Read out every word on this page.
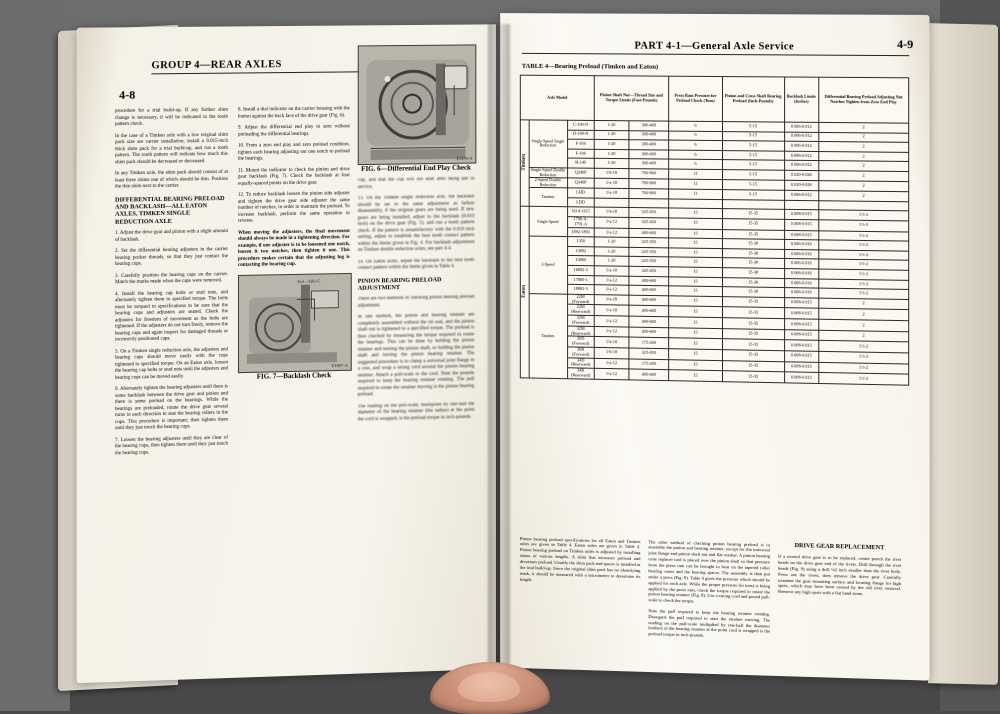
GROUP 4—REAR AXLES
4-8

procedure for a trial build-up. If any further shim change is necessary, it will be indicated in the tooth pattern check.

In the case of a Timken axle with a low original shim pack size are carrier installation, install a 0.015-inch thick shim pack for a trial build-up, and run a tooth pattern. The tooth pattern will indicate how much this shim pack should be decreased or decreased.

In any Timken axle, the shim pack should consist of at least three shims one of which should be thin. Position the thin shim next to the carrier.

DIFFERENTIAL BEARING PRELOAD AND BACKLASH—ALL EATON AXLES, TIMKEN SINGLE REDUCTION AXLE

1. Adjust the drive gear and pinion with a slight amount of backlash.

2. Set the differential bearing adjusters in the carrier bearing pocket threads, so that they just contact the bearing cups.

3. Carefully position the bearing caps on the carrier. Match the marks made when the caps were removed.

4. Install the bearing cap bolts or stud nuts, and alternately tighten them to specified torque. The bolts must be torqued to specifications to be sure that the bearing cups and adjusters are seated. Check the adjusters for freedom of movement as the bolts are tightened. If the adjusters do not turn freely, remove the bearing caps and again inspect for damaged threads or incorrectly positioned caps.

5. On a Timken single reduction axle, the adjusters and bearing caps should move easily with the cups tightened to specified torque. On an Eaton axle, loosen the bearing cap bolts or stud nuts until the adjusters and bearing cups can be moved easily.

6. Alternately tighten the bearing adjusters until there is some backlash between the drive gear and pinion and there is some preload on the bearings. While the bearings are preloaded, rotate the drive gear several turns in each direction to seat the bearing rollers in the cups. This procedure is important; then tighten them until they just touch the bearing cups.

7. Loosen the bearing adjusters until they are clear of the bearing cups, then tighten them until they just touch the bearing cups.

8. Install a dial indicator on the carrier housing with the button against the back face of the drive gear (Fig. 6).

9. Adjust the differential end play to zero without preloading the differential bearings.

10. From a zero end play and zero preload condition, tighten each bearing adjusting nut one notch to preload the bearings.

11. Mount the indicator to check the pinion and drive gear backlash (Fig. 7). Check the backlash at four equally-spaced points on the drive gear.

12. To reduce backlash loosen the pinion side adjuster and tighten the drive gear side adjuster the same number of notches, in order to maintain the preload. To increase backlash, perform the same operation in reverse.

When moving the adjusters, the final movement should always be made in a tightening direction. For example, if one adjuster is to be loosened one notch, loosen it two notches, then tighten it one. This procedure makes certain that the adjusting lug is contacting the bearing cup.

E1007-A
Tool—4201-C
FIG. 7—Backlash Check
E1294-A
FIG. 6—Differential End Play Check

cup, and that the cup will not shift after being put in service.

13. On the Timken single reduction axle, the backlash should be set to the same adjustment as before disassembly, if the original gears are being used. If new gears are being installed, adjust to the backlash (0.010 inch) on the drive gear (Fig. 5), and run a tooth pattern check. If the pattern is unsatisfactory with the 0.010 inch setting, adjust to establish the best tooth contact pattern within the limits given in Fig. 4. For backlash adjustment on Timken double reduction axles, see part 4-4.

14. On Eaton axles, adjust the backlash to the best tooth contact pattern within the limits given in Table 4.

PINION BEARING PRELOAD ADJUSTMENT

There are two methods of checking pinion bearing preload adjustment.

In one method, the pinion and bearing retainer are completely assembled without the oil seal, and the pinion shaft nut is tightened to a specified torque. The preload is then checked by measuring the torque required to rotate the bearings. This can be done by holding the pinion retainer and turning the pinion shaft, or holding the pinion shaft and turning the pinion bearing retainer. The suggested procedure is to clamp a universal joint flange in a vise, and wrap a strong cord around the pinion bearing retainer. Attach a pull-scale to the cord. Note the pounds required to keep the bearing retainer rotating. The pull required to rotate the retainer moving is the pinion bearing preload.

The reading on the pull-scale, multiplied by one-half the diameter of the bearing retainer (the radius) at the point the cord is wrapped, is the preload torque in inch-pounds.

PART 4-1—General Axle Service	4-9
TABLE 4—Bearing Preload (Timken and Eaton)
Axle Model			Pinion Shaft Nut—Thread Size and Torque Limits (Foot-Pounds)		Press Ram Pressure for Preload Check (Tons)	Pinion and Cross Shaft Bearing Preload (Inch-Pounds)	Backlash Limits (Inches)	Differential Bearing Preload Adjusting Nut Notches Tighten from Zero End Play
Timken	Single-Speed Single Reduction	C-100-N	1-20	300-400	6	5-15	0.006-0.012	2
		D-100-N	1-20	300-400	6	5-15	0.006-0.012	2
		F-104	1-20	300-400	6	5-15	0.006-0.012	2
		F-106	1-20	300-400	6	5-15	0.006-0.012	2
		H-140	1-20	300-400	6	5-15	0.006-0.012	2
	Single-Speed Double Reduction	Q246P	1⅜-18	700-900	11	5-15	0.020-0.026	2
	2-Speed Double Reduction	Q346P	1¼-18	700-900	11	5-15	0.020-0.026	2
	Tandem	LHD	1¼-18	700-900	11	5-15	0.006-0.012	2
		LDD						
Eaton	Single Speed	1614-1615	1⅜-18	325-450	15	15-35	0.008-0.015	1½-2
		1790-A-1791-A	1¼-12	325-450	15	15-35	0.008-0.015	1½-2
		1892-1893	1¼-12	400-600	15	15-35	0.008-0.015	1½-2
	2-Speed	1350	1-20	225-350	15	15-30	0.006-0.016	1½-2
		13802	1-20	225-350	15	15-30	0.006-0.016	1½-2
		13800	1-20	225-350	15	15-30	0.006-0.016	1½-2
		16802-3	1¼-18	325-450	15	15-30	0.006-0.016	1½-2
		17800-1	1¼-12	400-600	15	15-30	0.006-0.016	1½-2
		18802-3	1¼-12	400-600	15	15-30	0.006-0.016	1½-2
	Tandem	22M (Forward)	1¼-18	400-600	15	15-35	0.008-0.015	2
		22M (Rearward)	1¼-18	400-600	15	15-35	0.008-0.015	2
		32M (Forward)	1¼-12	400-600	15	15-35	0.008-0.015	2
		32M (Rearward)	1¼-12	400-600	15	15-35	0.008-0.015	2
		30D (Forward)	1⅜-18	175-200	15	15-35	0.008-0.015	1½-2
		30R (Forward)	1⅜-18	325-450	15	15-35	0.008-0.015	1½-2
		34D (Rearward)	1¼-12	175-200	15	15-35	0.008-0.015	1½-2
		34R (Rearward)	1¼-12	400-600	15	15-35	0.008-0.015	1½-2

Pinion bearing preload specifications for all Eaton and Timken axles are given in Table 4. Eaton axles are given in Table 4. Pinion bearing preload on Timken axles is adjusted by installing shims of various lengths. A shim that increases preload and decreases preload. Usually the shim pack and spacer is installed at the trial build-up. Since the original shim pack has no identifying mark, it should be measured with a micrometer to determine its length.

The other method of checking pinion bearing preload is to assemble the pinion and bearing retainer, except for the universal joint flange and pinion shaft nut and flat washer. A pinion bearing cone replacer tool is placed over the pinion shaft so that pressure from the press ram can be brought to bear on the tapered roller bearing cones and the bearing spacer. The assembly is then put under a press (Fig. 8). Table 4 gives the pressure which should be applied for each axle. While the proper pressure (in tons) is being applied by the press ram, check the torque required to rotate the pinion bearing retainer (Fig. 8). Use a strong cord and pound pull-scale to check the torque.

Note the pull required to keep the bearing retainer rotating. Disregard the pull required to start the retainer moving. The reading on the pull-scale multiplied by one-half the diameter (radius) of the bearing retainer at the point cord is wrapped is the preload torque in inch-pounds.

DRIVE GEAR REPLACEMENT

If a riveted drive gear is to be replaced, center punch the rivet heads on the drive gear end of the rivets. Drill through the rivet heads (Fig. 9) using a drill ⅛2 inch smaller than the rivet body. Press out the rivets, then remove the drive gear. Carefully examine the gear mounting surface and locating flange for high spots, which may have been caused by the old rivet removal. Remove any high spots with a flat hand stone.
